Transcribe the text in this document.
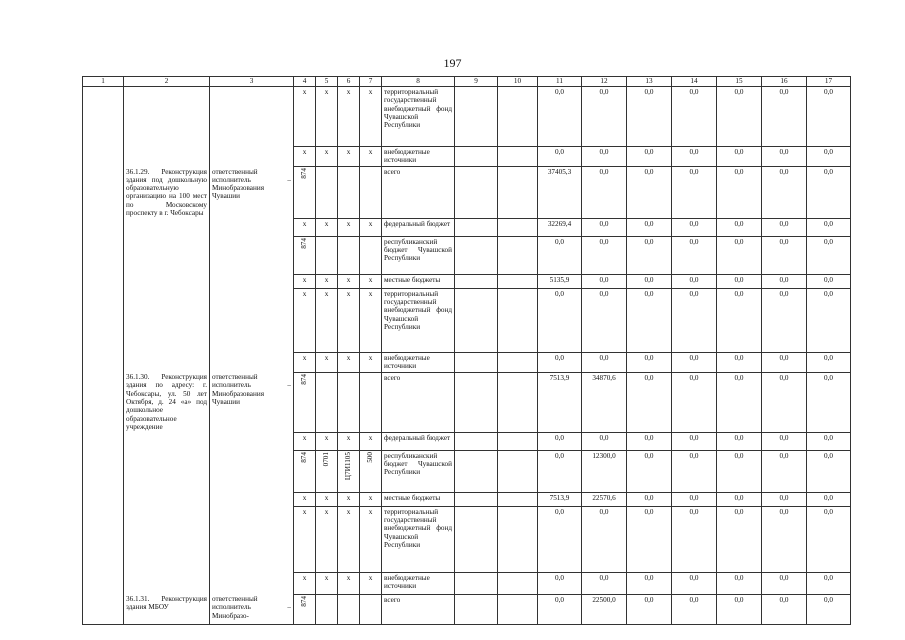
197
1	2	3	4	5	6	7	8	9	10	11	12	13	14	15	16	17
			x	x	x	x	территориальный государственный внебюджетный фонд Чувашской Республики			0,0	0,0	0,0	0,0	0,0	0,0	0,0
			x	x	x	x	внебюджетные источники			0,0	0,0	0,0	0,0	0,0	0,0	0,0
	36.1.29. Реконструкция здания под дошкольную образовательную организацию на 100 мест по Московскому проспекту в г. Чебоксары	ответственный исполнитель – Минобразования Чувашии	874				всего			37405,3	0,0	0,0	0,0	0,0	0,0	0,0
			x	x	x	x	федеральный бюджет			32269,4	0,0	0,0	0,0	0,0	0,0	0,0
			874				республиканский бюджет Чувашской Республики			0,0	0,0	0,0	0,0	0,0	0,0	0,0
			x	x	x	x	местные бюджеты			5135,9	0,0	0,0	0,0	0,0	0,0	0,0
			x	x	x	x	территориальный государственный внебюджетный фонд Чувашской Республики			0,0	0,0	0,0	0,0	0,0	0,0	0,0
			x	x	x	x	внебюджетные источники			0,0	0,0	0,0	0,0	0,0	0,0	0,0
	36.1.30. Реконструкция здания по адресу: г. Чебоксары, ул. 50 лет Октября, д. 24 «а» под дошкольное образовательное учреждение	ответственный исполнитель – Минобразования Чувашии	874				всего			7513,9	34870,6	0,0	0,0	0,0	0,0	0,0
			x	x	x	x	федеральный бюджет			0,0	0,0	0,0	0,0	0,0	0,0	0,0
			874	0701	Ц7И1105	500	республиканский бюджет Чувашской Республики			0,0	12300,0	0,0	0,0	0,0	0,0	0,0
			x	x	x	x	местные бюджеты			7513,9	22570,6	0,0	0,0	0,0	0,0	0,0
			x	x	x	x	территориальный государственный внебюджетный фонд Чувашской Республики			0,0	0,0	0,0	0,0	0,0	0,0	0,0
			x	x	x	x	внебюджетные источники			0,0	0,0	0,0	0,0	0,0	0,0	0,0
	36.1.31. Реконструкция здания МБОУ	ответственный исполнитель – Минобразо-	874				всего			0,0	22500,0	0,0	0,0	0,0	0,0	0,0
